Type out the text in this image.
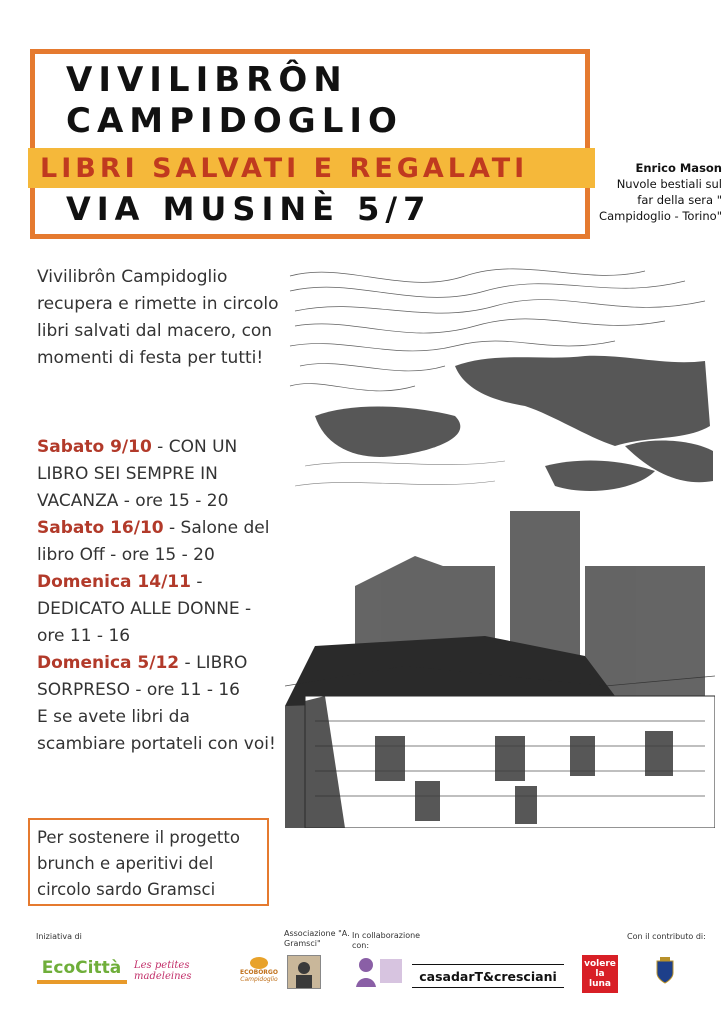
VIVILIBRÔN
CAMPIDOGLIO
LIBRI SALVATI E REGALATI
VIA MUSINÈ 5/7
Enrico Mason
Nuvole bestiali sul far della sera " Campidoglio - Torino"
Vivilibrôn Campidoglio recupera e rimette in circolo libri salvati dal macero, con momenti di festa per tutti!
Sabato 9/10 - CON UN LIBRO SEI SEMPRE IN VACANZA - ore 15 - 20
Sabato 16/10 - Salone del libro Off - ore 15 - 20
Domenica 14/11 - DEDICATO ALLE DONNE - ore 11 - 16
Domenica 5/12 - LIBRO SORPRESO - ore 11 - 16
E se avete libri da scambiare portateli con voi!
Per sostenere il progetto brunch e aperitivi del circolo sardo Gramsci
Iniziativa di	Associazione "A. Gramsci"
In collaborazione con:
Con il contributo di:
EcoCittà Les petites madeleines	ECOBORGO
Campidoglio	casadarT&cresciani
volere la luna
